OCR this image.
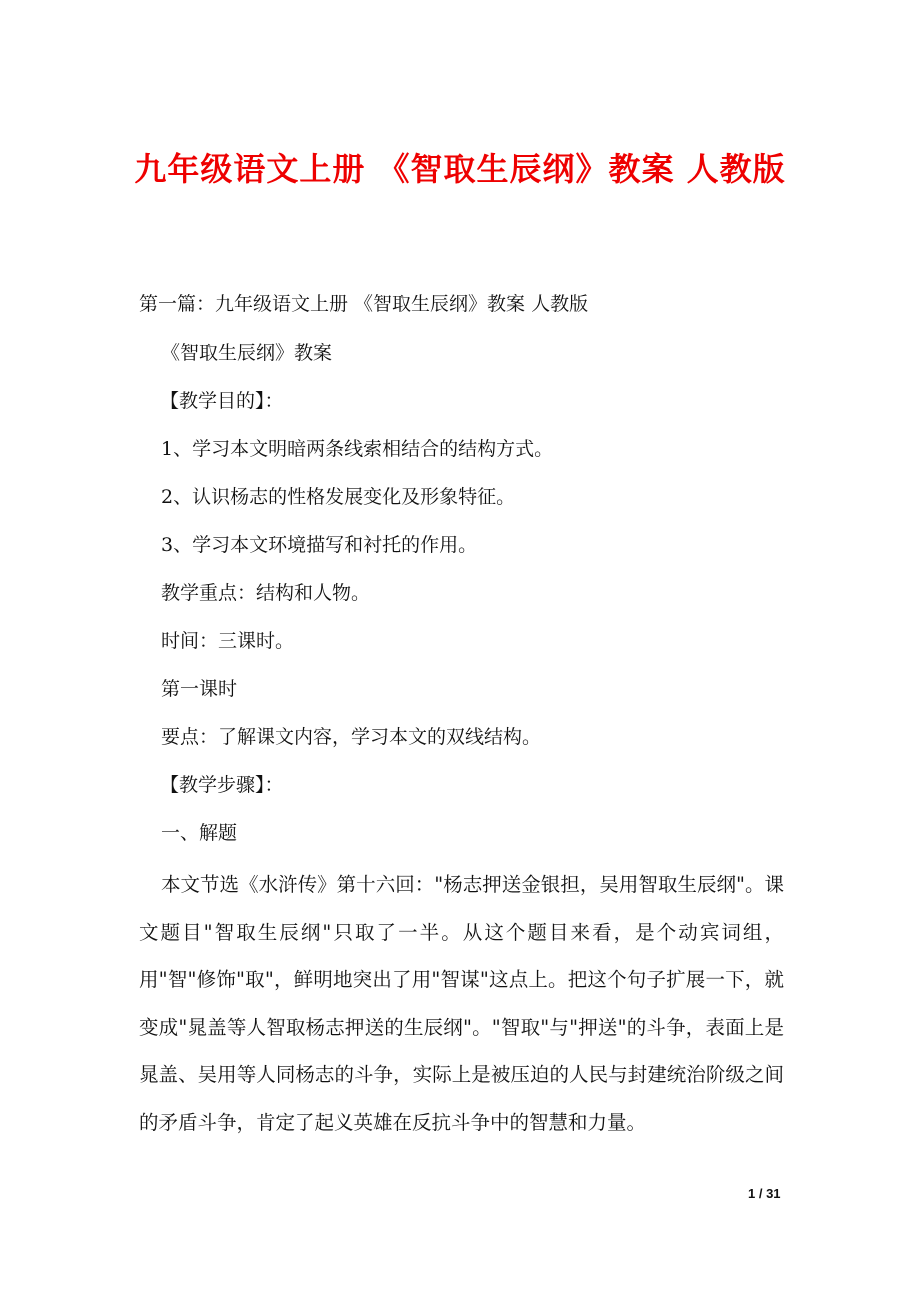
九年级语文上册 《智取生辰纲》教案 人教版
第一篇：九年级语文上册 《智取生辰纲》教案 人教版
《智取生辰纲》教案
【教学目的】：
1、学习本文明暗两条线索相结合的结构方式。
2、认识杨志的性格发展变化及形象特征。
3、学习本文环境描写和衬托的作用。
教学重点：结构和人物。
时间：三课时。
第一课时
要点：了解课文内容，学习本文的双线结构。
【教学步骤】：
一、解题
本文节选《水浒传》第十六回："杨志押送金银担，吴用智取生辰纲"。课文题目"智取生辰纲"只取了一半。从这个题目来看，是个动宾词组，用"智"修饰"取"，鲜明地突出了用"智谋"这点上。把这个句子扩展一下，就变成"晁盖等人智取杨志押送的生辰纲"。"智取"与"押送"的斗争，表面上是晁盖、吴用等人同杨志的斗争，实际上是被压迫的人民与封建统治阶级之间的矛盾斗争，肯定了起义英雄在反抗斗争中的智慧和力量。
1 / 31
